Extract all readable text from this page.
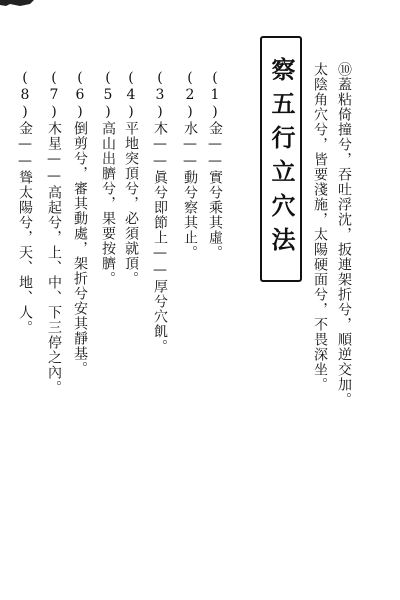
⑩蓋粘倚撞兮，吞吐浮沈，扳連架折兮，順逆交加。
太陰角穴兮，皆要淺施，太陽硬面兮，不畏深坐。
察五行立穴法
(1)金——實兮乘其虛。
(2)水——動兮察其止。
(3)木——眞兮即節上——厚兮穴飢。
(4)平地突頂兮，必須就頂。
(5)高山出臍兮，果要按臍。
(6)倒剪兮，審其動處，架折兮安其靜基。
(7)木星——高起兮，上、中、下三停之內。
(8)金——聳太陽兮，天、地、人。
